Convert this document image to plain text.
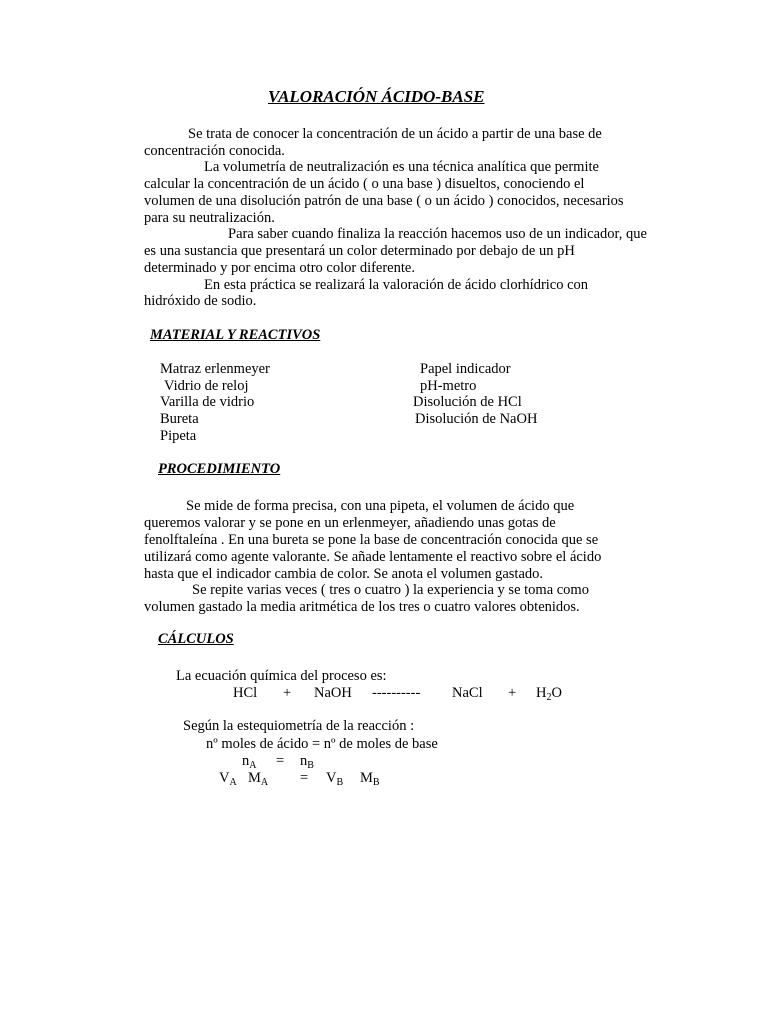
VALORACIÓN ÁCIDO-BASE
Se trata de conocer la concentración de un ácido a partir de una base de
concentración conocida.
La volumetría de neutralización es una técnica analítica que permite
calcular la concentración de un ácido ( o una base ) disueltos, conociendo el
volumen de una disolución patrón de una base ( o un ácido ) conocidos, necesarios
para su neutralización.
Para saber cuando finaliza la reacción hacemos uso de un indicador, que
es una sustancia que presentará un color determinado por debajo de un pH
determinado y por encima otro color diferente.
En esta práctica se realizará la valoración de ácido clorhídrico con
hidróxido de sodio.
MATERIAL Y REACTIVOS
Matraz erlenmeyer
Vidrio de reloj
Varilla de vidrio
Bureta
Pipeta
Papel indicador
pH-metro
Disolución de HCl
Disolución de NaOH
PROCEDIMIENTO
Se mide de forma precisa, con una pipeta, el volumen de ácido que
queremos valorar y se pone en un erlenmeyer, añadiendo unas gotas de
fenolftaleína . En una bureta se pone la base de concentración conocida que se
utilizará como agente valorante. Se añade lentamente el reactivo sobre el ácido
hasta que el indicador cambia de color. Se anota el volumen gastado.
Se repite varias veces ( tres o cuatro ) la experiencia y se toma como
volumen gastado la media aritmética de los tres o cuatro valores obtenidos.
CÁLCULOS
La ecuación química del proceso es:
HCl + NaOH ---------- NaCl + $H_2O$
Según la estequiometría de la reacción :
nº moles de ácido = nº de moles de base
$n_A = n_B$
$V_A$ $M_A = V_B$ $M_B$
